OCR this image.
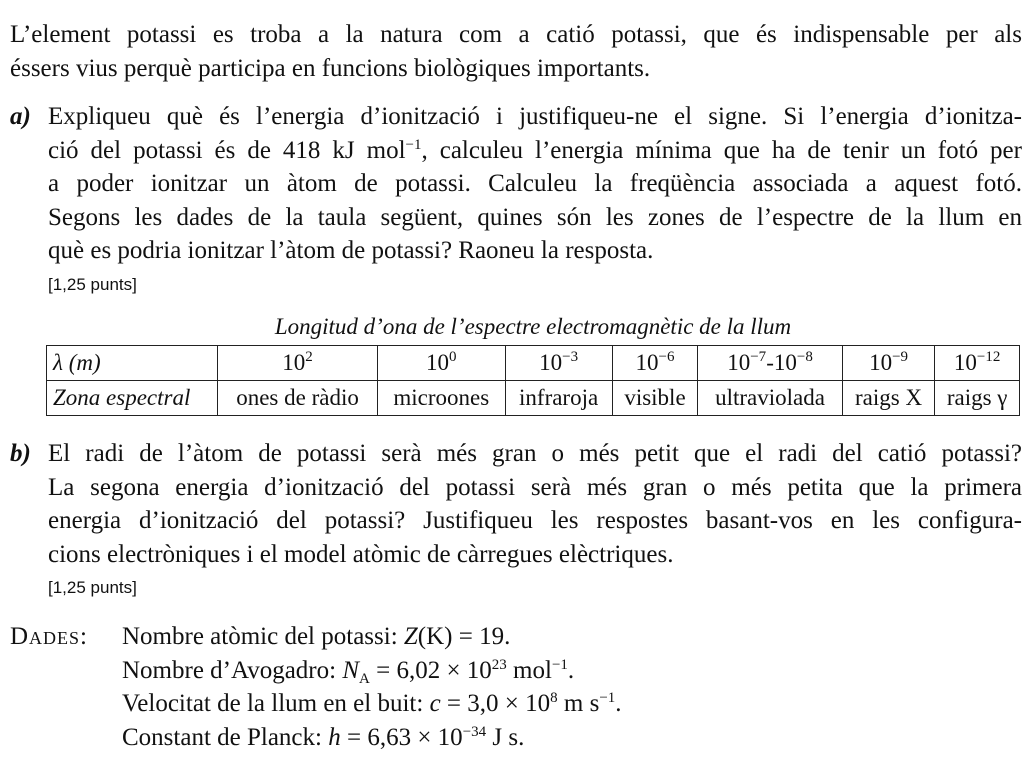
L’element potassi es troba a la natura com a catió potassi, que és indispensable per als
éssers vius perquè participa en funcions biològiques importants.
a) Expliqueu què és l’energia d’ionització i justifiqueu-ne el signe. Si l’energia d’ionitza-
ció del potassi és de 418 kJ mol$^{-1}$, calculeu l’energia mínima que ha de tenir un fotó per
a poder ionitzar un àtom de potassi. Calculeu la freqüència associada a aquest fotó.
Segons les dades de la taula següent, quines són les zones de l’espectre de la llum en
què es podria ionitzar l’àtom de potassi? Raoneu la resposta.
[1,25 punts]
Longitud d’ona de l’espectre electromagnètic de la llum
λ (m)	$10^2$	$10^0$	$10^{-3}$	$10^{-6}$	$10^{-7}-10^{-8}$	$10^{-9}$	$10^{-12}$
Zona espectral	ones de ràdio	microones	infraroja	visible	ultraviolada	raigs X	raigs γ
b) El radi de l’àtom de potassi serà més gran o més petit que el radi del catió potassi?
La segona energia d’ionització del potassi serà més gran o més petita que la primera
energia d’ionització del potassi? Justifiqueu les respostes basant-vos en les configura-
cions electròniques i el model atòmic de càrregues elèctriques.
[1,25 punts]
Dades: Nombre atòmic del potassi: Z(K) = 19.
Nombre d’Avogadro: $N_A = 6,02 \times 10^{23}$ mol$^{-1}$.
Velocitat de la llum en el buit: $c = 3,0 \times 10^8$ m $s^{-1}$.
Constant de Planck: $h = 6,63 \times 10^{-34}$ J s.
